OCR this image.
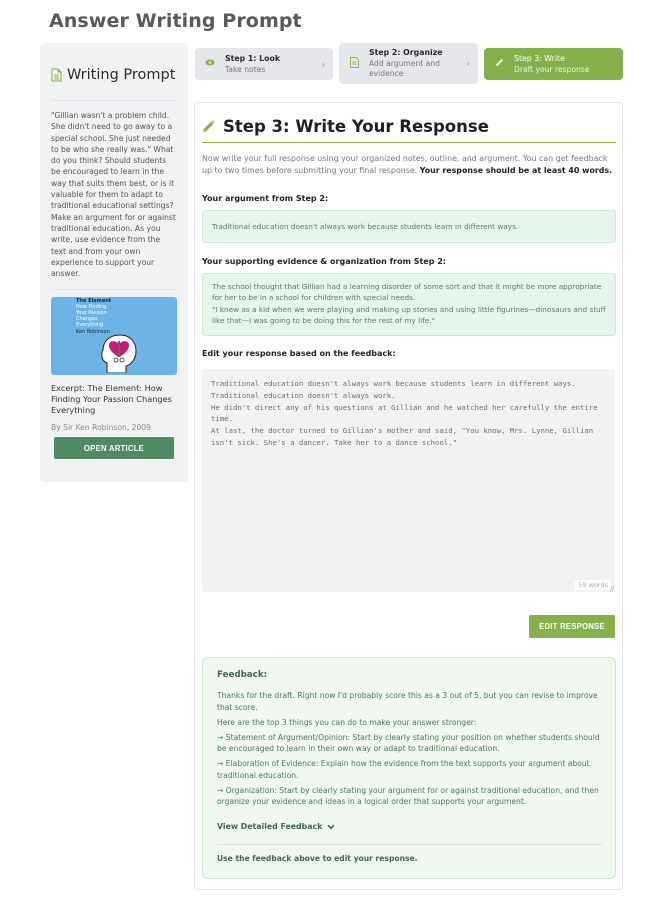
Answer Writing Prompt
Writing Prompt

"Gillian wasn't a problem child. She didn't need to go away to a special school. She just needed to be who she really was." What do you think? Should students be encouraged to learn in the way that suits them best, or is it valuable for them to adapt to traditional educational settings? Make an argument for or against traditional education. As you write, use evidence from the text and from your own experience to support your answer.

The Element
How Finding
Your Passion
Changes
Everything
Ken Robinson
Excerpt: The Element: How Finding Your Passion Changes Everything
By Sir Ken Robinson, 2009
OPEN ARTICLE
Step 1: Look
Take notes
›
Step 2: Organize
Add argument and evidence
›
Step 3: Write
Draft your response
Step 3: Write Your Response

Now write your full response using your organized notes, outline, and argument. You can get feedback up to two times before submitting your final response. Your response should be at least 40 words.

Your argument from Step 2:
Traditional education doesn't always work because students learn in different ways.
Your supporting evidence & organization from Step 2:
The school thought that Gillian had a learning disorder of some sort and that it might be more appropriate for her to be in a school for children with special needs.
"I knew as a kid when we were playing and making up stories and using little figurines—dinosaurs and stuff like that—I was going to be doing this for the rest of my life."
Edit your response based on the feedback:
Traditional education doesn't always work because students learn in different ways. Traditional education doesn't always work. He didn't direct any of his questions at Gillian and he watched her carefully the entire time. At last, the doctor turned to Gillian's mother and said, "You know, Mrs. Lynne, Gillian isn't sick. She's a dancer. Take her to a dance school."
59 words
∕∕
EDIT RESPONSE
Feedback:

Thanks for the draft. Right now I'd probably score this as a 3 out of 5, but you can revise to improve that score.

Here are the top 3 things you can do to make your answer stronger:

→ Statement of Argument/Opinion: Start by clearly stating your position on whether students should be encouraged to learn in their own way or adapt to traditional education.

→ Elaboration of Evidence: Explain how the evidence from the text supports your argument about traditional education.

→ Organization: Start by clearly stating your argument for or against traditional education, and then organize your evidence and ideas in a logical order that supports your argument.

View Detailed Feedback
Use the feedback above to edit your response.
